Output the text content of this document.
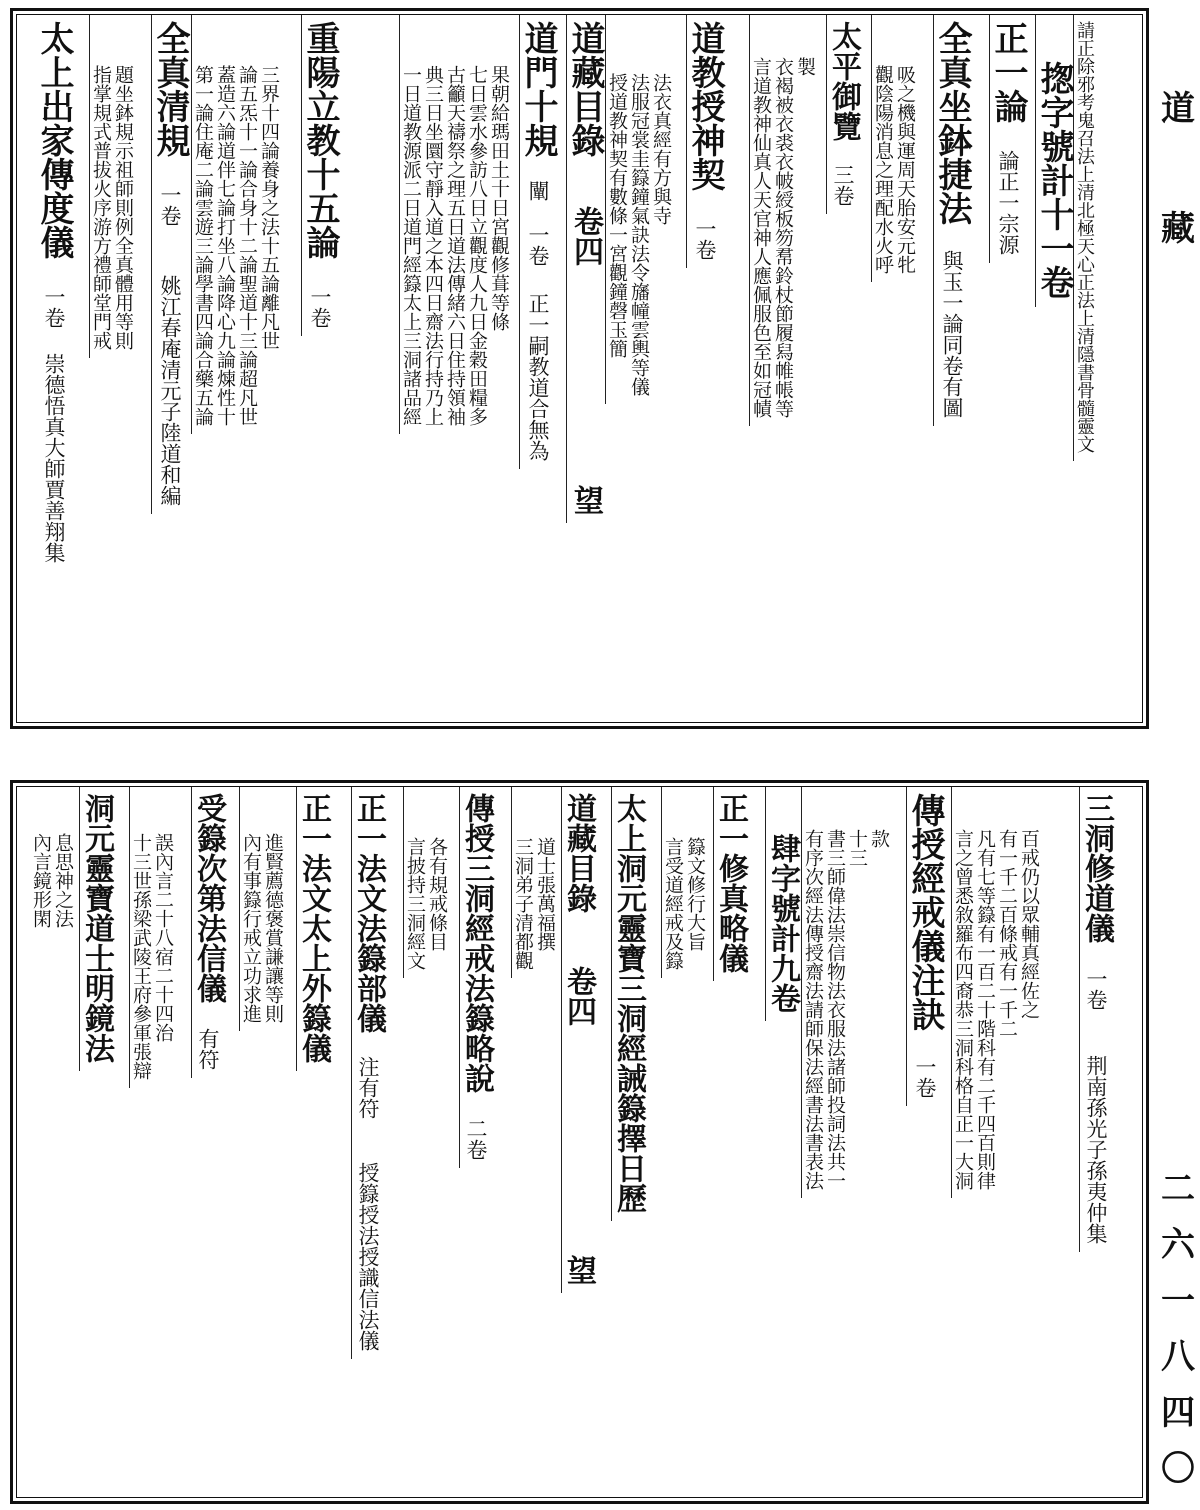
道
藏
二
六
一
八
四
〇
請正除邪考鬼召法上清北極天心正法上清隱書骨髓靈文
揔字號計十一卷
正一論 論正一宗源
全真坐鉢捷法 與玉一論同卷有圖
觀陰陽消息之理配水火呼 吸之機與運周天胎安元牝
太平御覽 三卷
言道教神仙真人天官神人應佩服色至如冠幘 衣褐被衣裘衣帔綬板笏帬鈴杖節履舄帷帳等 製
道教授神契 一卷
授道教神契有數條一宮觀鐘磬玉簡 法服冠裳圭籙鐘氣訣法令旛幢雲輿等儀 法衣真經有方與寺
道藏目錄 卷四 望
道門十規 闡 一卷 正一嗣教道合無為
一日道教源派二日道門經籙太上三洞諸品經 典三日坐圜守靜入道之本四日齋法行持乃上 古籲天禱祭之理五日道法傳緒六日住持領袖 七日雲水參訪八日立觀度人九日金穀田糧多 果朝給瑪田土十日宮觀修葺等條
重陽立教十五論 一卷
第一論住庵二論雲遊三論學書四論合藥五論 蓋造六論道伴七論打坐八論降心九論煉性十 論五炁十一論合身十二論聖道十三論超凡世 三界十四論養身之法十五論離凡世
全真清規 一卷 姚江春庵清元子陸道和編
指掌規式普拔火序游方禮師堂門戒 題坐鉢規示祖師則例全真體用等則
太上出家傳度儀 一卷 崇德悟真大師賈善翔集
三洞修道儀 一卷 荆南孫光子孫夷仲集
言之曾悉敘羅布四裔恭三洞科格自正一大洞 凡有七等籙有一百二十階科有二千四百則律 有一千二百條戒有一千二 百戒仍以眾輔真經佐之
傳授經戒儀注訣 一卷
有序次經法傳授齋法請師保法經書法書表法 書三師偉法崇信物法衣服法諸師投詞法共一 十三 款
肆字號計九卷
正一修真略儀
言受道經戒及籙 籙文修行大旨
太上洞元靈寶三洞經誡籙擇日歷
道藏目錄 卷四 望
三洞弟子清都觀 道士張萬福撰
傳授三洞經戒法籙略說 二卷
言披持三洞經文 各有規戒條目
正一法文法籙部儀 注有符 授籙授法授識信法儀
正一法文太上外籙儀
內有事籙行戒立功求進 進賢薦德褒賞謙讓等則
受籙次第法信儀 有符
十三世孫梁武陵王府參軍張辯 誤內言二十八宿二十四治
洞元靈寶道士明鏡法
內言鏡形閑 息思神之法
